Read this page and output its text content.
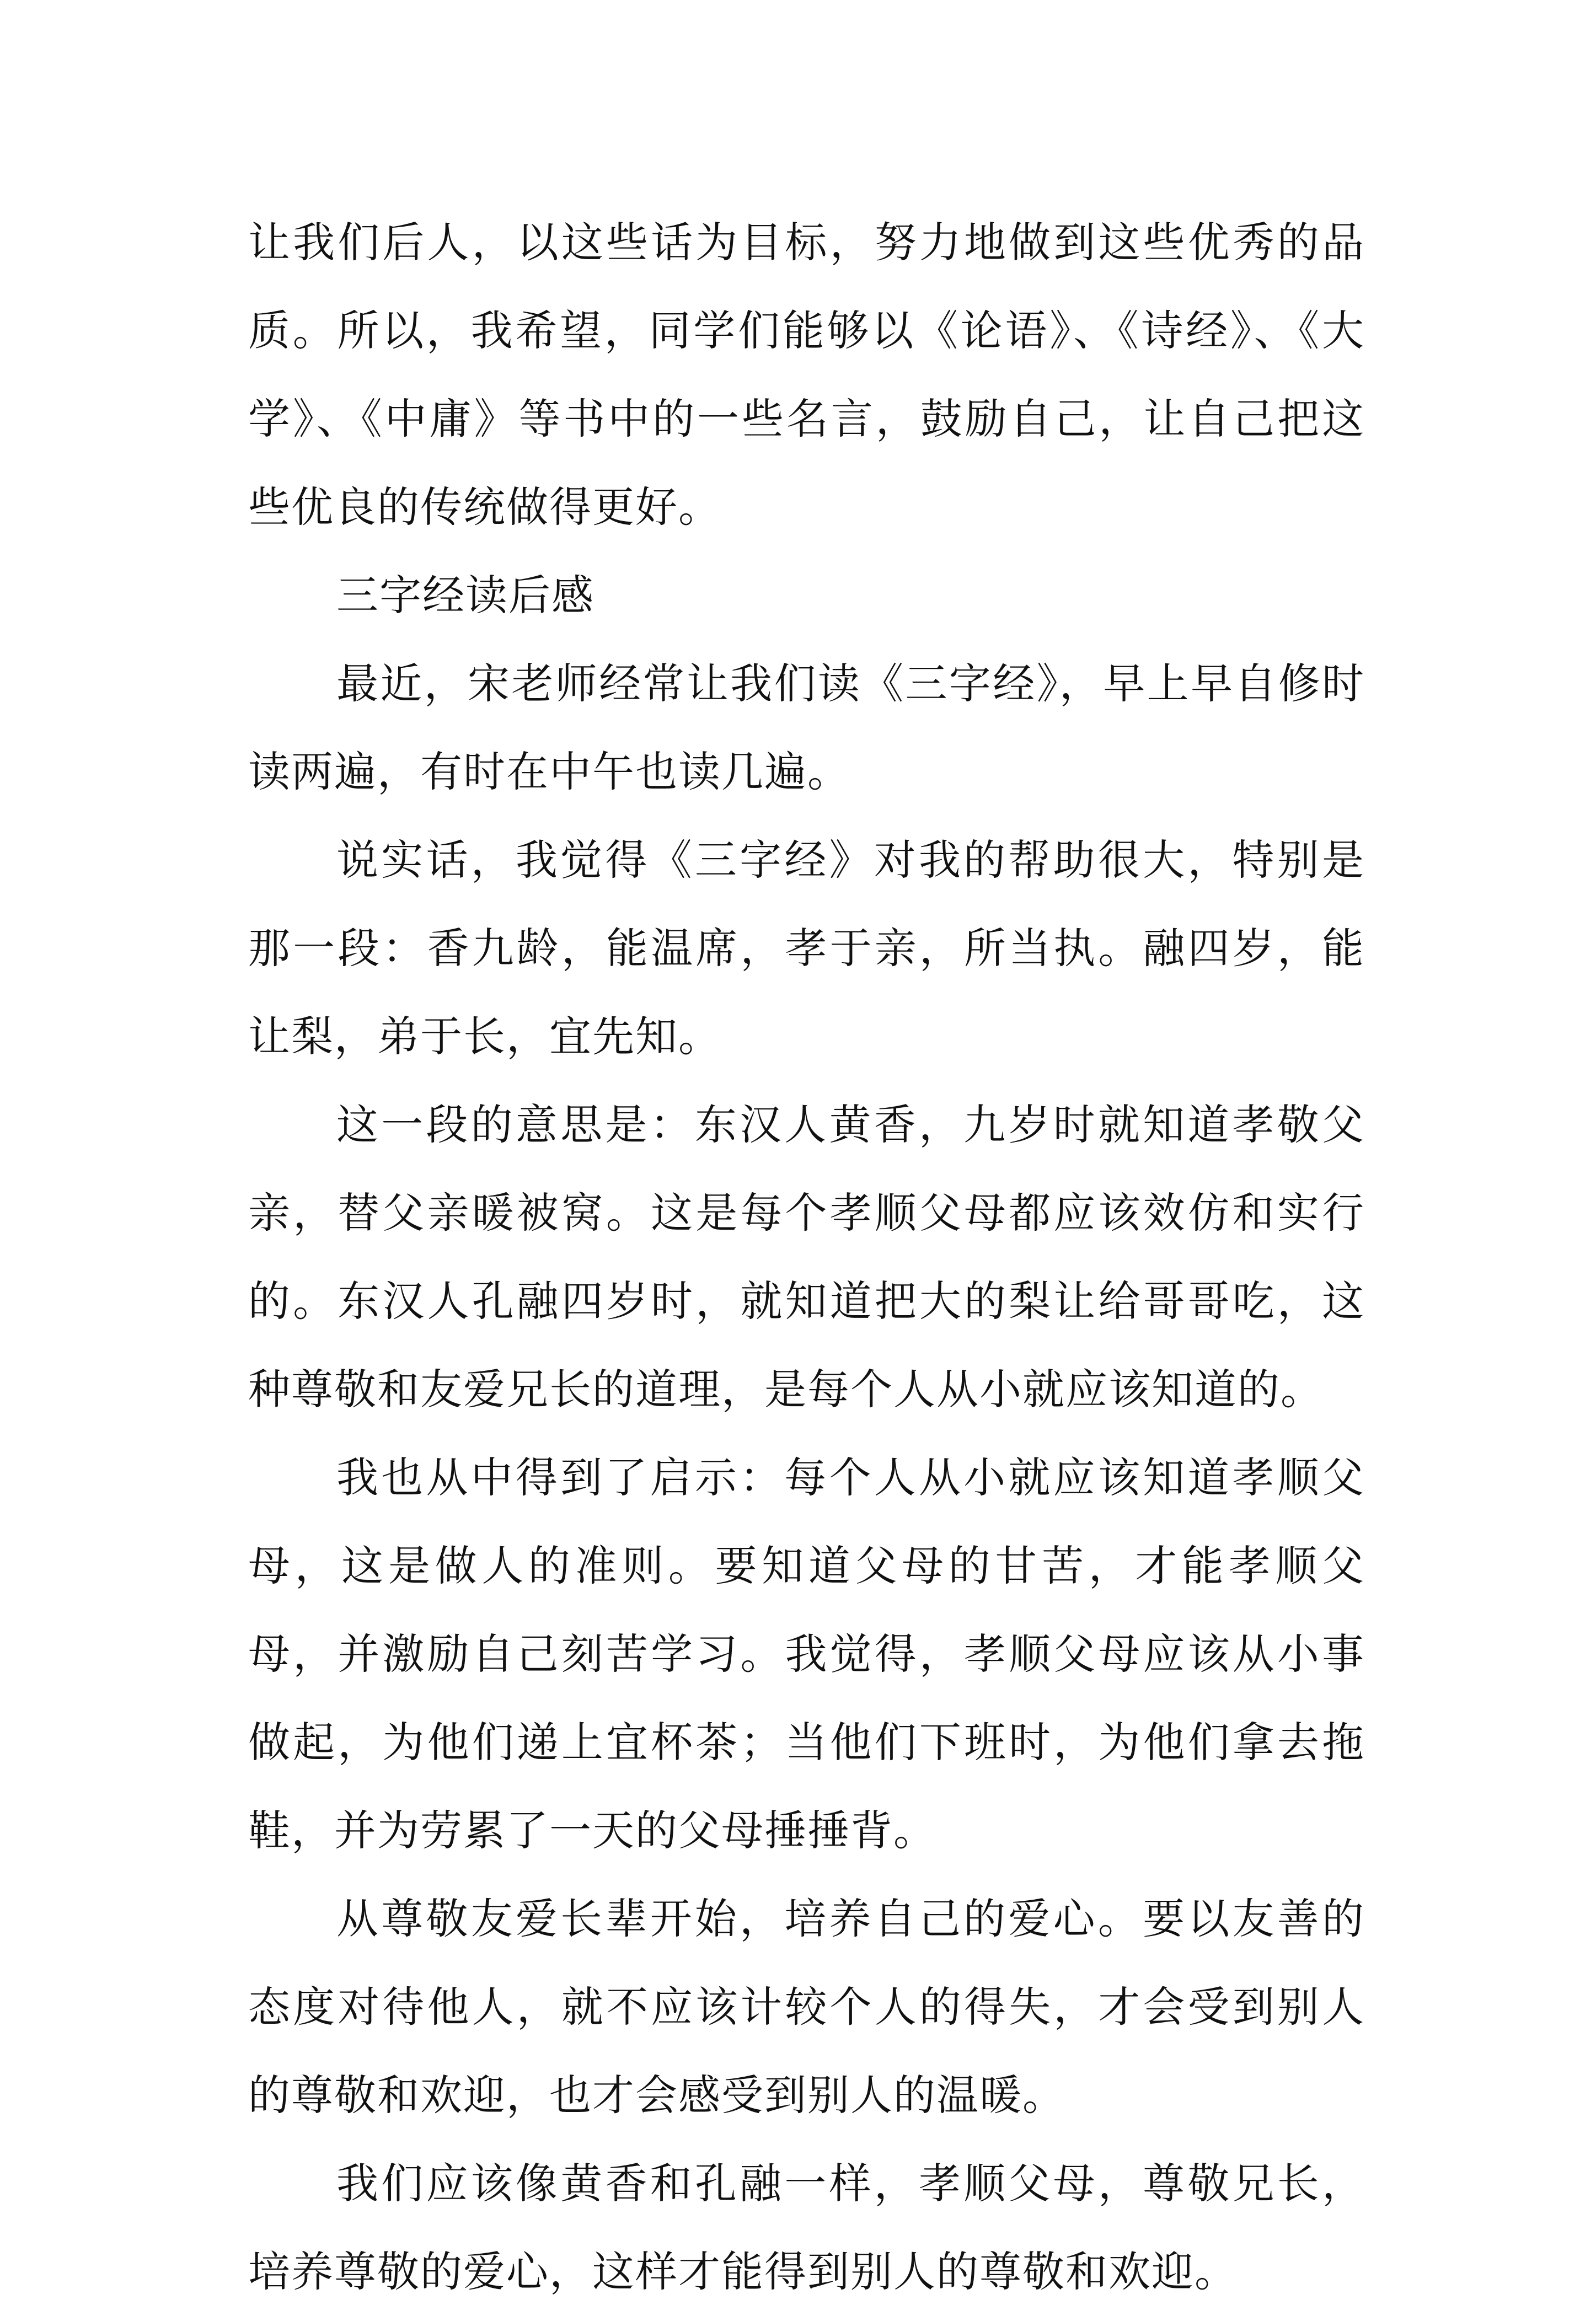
让我们后人，以这些话为目标，努力地做到这些优秀的品质。所以，我希望，同学们能够以《论语》、《诗经》、《大学》、《中庸》等书中的一些名言，鼓励自己，让自己把这些优良的传统做得更好。

三字经读后感

最近，宋老师经常让我们读《三字经》，早上早自修时读两遍，有时在中午也读几遍。

说实话，我觉得《三字经》对我的帮助很大，特别是那一段：香九龄，能温席，孝于亲，所当执。融四岁，能让梨，弟于长，宜先知。

这一段的意思是：东汉人黄香，九岁时就知道孝敬父亲，替父亲暖被窝。这是每个孝顺父母都应该效仿和实行的。东汉人孔融四岁时，就知道把大的梨让给哥哥吃，这种尊敬和友爱兄长的道理，是每个人从小就应该知道的。

我也从中得到了启示：每个人从小就应该知道孝顺父母，这是做人的准则。要知道父母的甘苦，才能孝顺父母，并激励自己刻苦学习。我觉得，孝顺父母应该从小事做起，为他们递上宜杯茶；当他们下班时，为他们拿去拖鞋，并为劳累了一天的父母捶捶背。

从尊敬友爱长辈开始，培养自己的爱心。要以友善的态度对待他人，就不应该计较个人的得失，才会受到别人的尊敬和欢迎，也才会感受到别人的温暖。

我们应该像黄香和孔融一样，孝顺父母，尊敬兄长，培养尊敬的爱心，这样才能得到别人的尊敬和欢迎。
